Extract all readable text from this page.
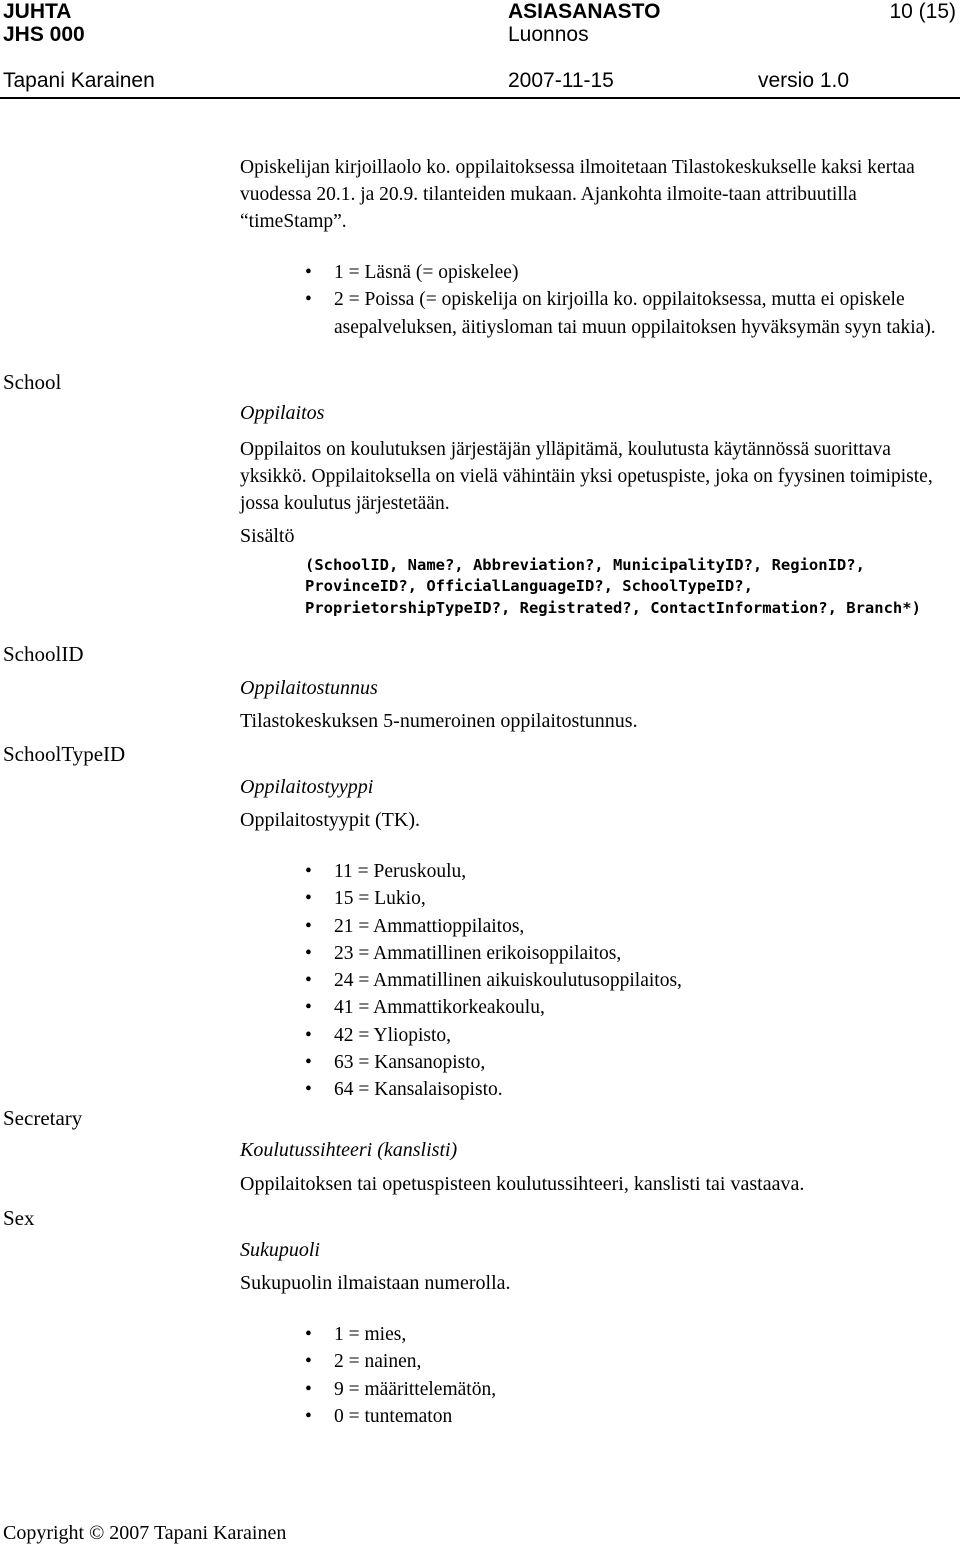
JUHTA
JHS 000
ASIASANASTO
Luonnos
10 (15)
Tapani Karainen	2007-11-15	versio 1.0
School
SchoolID
SchoolTypeID
Secretary
Sex

Opiskelijan kirjoillaolo ko. oppilaitoksessa ilmoitetaan Tilastokeskukselle kaksi kertaa vuodessa 20.1. ja 20.9. tilanteiden mukaan. Ajankohta ilmoite-taan attribuutilla “timeStamp”.

• 1 = Läsnä (= opiskelee)
• 2 = Poissa (= opiskelija on kirjoilla ko. oppilaitoksessa, mutta ei opiskele asepalveluksen, äitiysloman tai muun oppilaitoksen hyväksymän syyn takia).
Oppilaitos

Oppilaitos on koulutuksen järjestäjän ylläpitämä, koulutusta käytännössä suorittava yksikkö. Oppilaitoksella on vielä vähintäin yksi opetuspiste, joka on fyysinen toimipiste, jossa koulutus järjestetään.

Sisältö
(SchoolID, Name?, Abbreviation?, MunicipalityID?, RegionID?, ProvinceID?, OfficialLanguageID?, SchoolTypeID?, ProprietorshipTypeID?, Registrated?, ContactInformation?, Branch*)
Oppilaitostunnus
Tilastokeskuksen 5-numeroinen oppilaitostunnus.
Oppilaitostyyppi
Oppilaitostyypit (TK).
• 11 = Peruskoulu,
• 15 = Lukio,
• 21 = Ammattioppilaitos,
• 23 = Ammatillinen erikoisoppilaitos,
• 24 = Ammatillinen aikuiskoulutusoppilaitos,
• 41 = Ammattikorkeakoulu,
• 42 = Yliopisto,
• 63 = Kansanopisto,
• 64 = Kansalaisopisto.
Koulutussihteeri (kanslisti)
Oppilaitoksen tai opetuspisteen koulutussihteeri, kanslisti tai vastaava.
Sukupuoli
Sukupuolin ilmaistaan numerolla.
• 1 = mies,
• 2 = nainen,
• 9 = määrittelemätön,
• 0 = tuntematon
Copyright © 2007 Tapani Karainen
